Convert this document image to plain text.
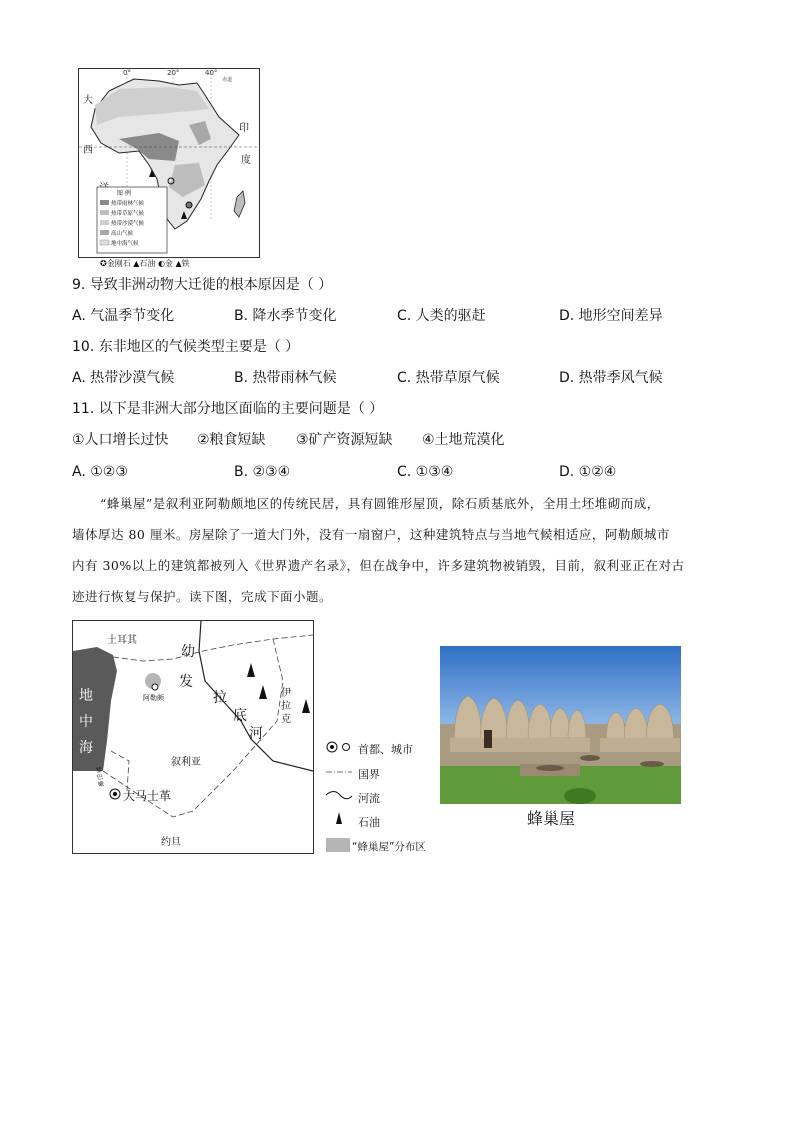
0°	20°	40°
赤道
大
西
印
度
图 例
热带雨林气候
热带草原气候
热带沙漠气候
高山气候
地中海气候
✪金刚石 ▲石油 ◐金 ▲铁
9. 导致非洲动物大迁徙的根本原因是（ ）
A. 气温季节变化	B. 降水季节变化	C. 人类的驱赶	D. 地形空间差异
10. 东非地区的气候类型主要是（ ）
A. 热带沙漠气候	B. 热带雨林气候	C. 热带草原气候	D. 热带季风气候
11. 以下是非洲大部分地区面临的主要问题是（ ）
①人口增长过快 ②粮食短缺 ③矿产资源短缺 ④土地荒漠化
A. ①②③	B. ②③④	C. ①③④	D. ①②④
“蜂巢屋”是叙利亚阿勒颇地区的传统民居，具有圆锥形屋顶，除石质基底外，全用土坯堆砌而成，
墙体厚达 80 厘米。房屋除了一道大门外，没有一扇窗户，这种建筑特点与当地气候相适应，阿勒颇城市
内有 30%以上的建筑都被列入《世界遗产名录》，但在战争中，许多建筑物被销毁，目前，叙利亚正在对古
迹进行恢复与保护。读下图，完成下面小题。
土耳其
地
中
海
幼
发
拉
底
河
阿勒颇	伊
拉
克
叙利亚
黎巴嫩
大马士革
约旦
首都、城市
国界
河流
石油
“蜂巢屋”分布区
蜂巢屋
